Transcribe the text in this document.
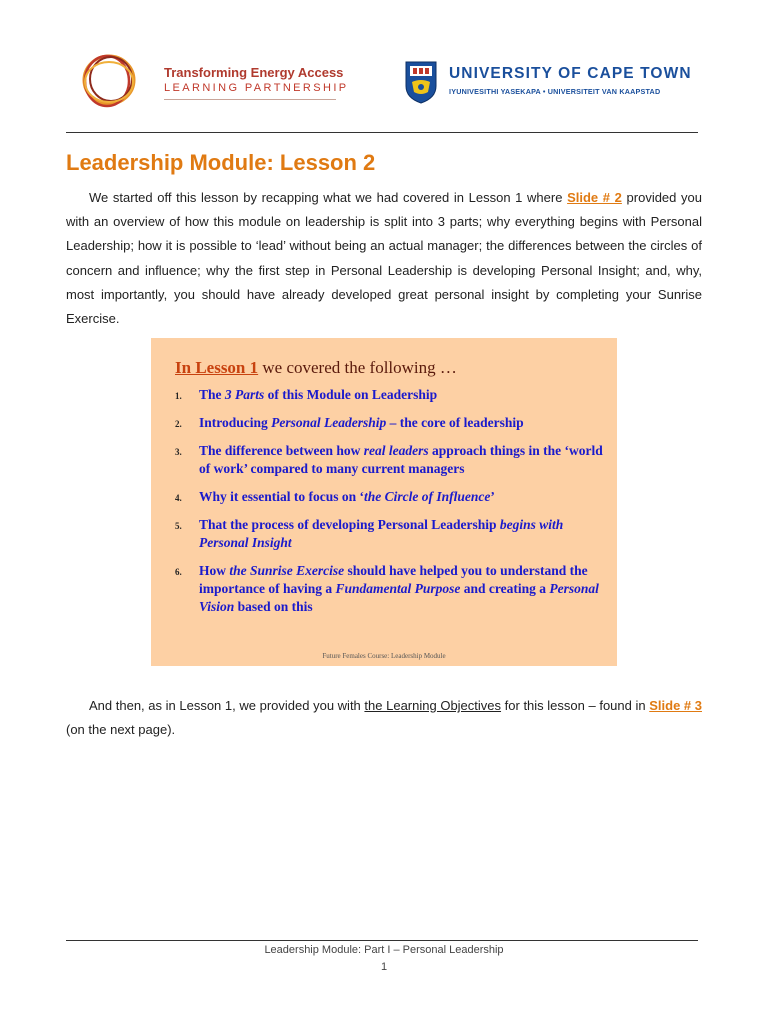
Transforming Energy Access
LEARNING PARTNERSHIP
UNIVERSITY OF CAPE TOWN
IYUNIVESITHI YASEKAPA • UNIVERSITEIT VAN KAAPSTAD
Leadership Module: Lesson 2
We started off this lesson by recapping what we had covered in Lesson 1 where Slide # 2 provided you with an overview of how this module on leadership is split into 3 parts; why everything begins with Personal Leadership; how it is possible to ‘lead’ without being an actual manager; the differences between the circles of concern and influence; why the first step in Personal Leadership is developing Personal Insight; and, why, most importantly, you should have already developed great personal insight by completing your Sunrise Exercise.
In Lesson 1 we covered the following …
1. The 3 Parts of this Module on Leadership
2. Introducing Personal Leadership – the core of leadership
3. The difference between how real leaders approach things in the ‘world of work’ compared to many current managers
4. Why it essential to focus on ‘the Circle of Influence’
5. That the process of developing Personal Leadership begins with Personal Insight
6. How the Sunrise Exercise should have helped you to understand the importance of having a Fundamental Purpose and creating a Personal Vision based on this
Future Females Course: Leadership Module
And then, as in Lesson 1, we provided you with the Learning Objectives for this lesson – found in Slide # 3 (on the next page).
Leadership Module: Part I – Personal Leadership
1
